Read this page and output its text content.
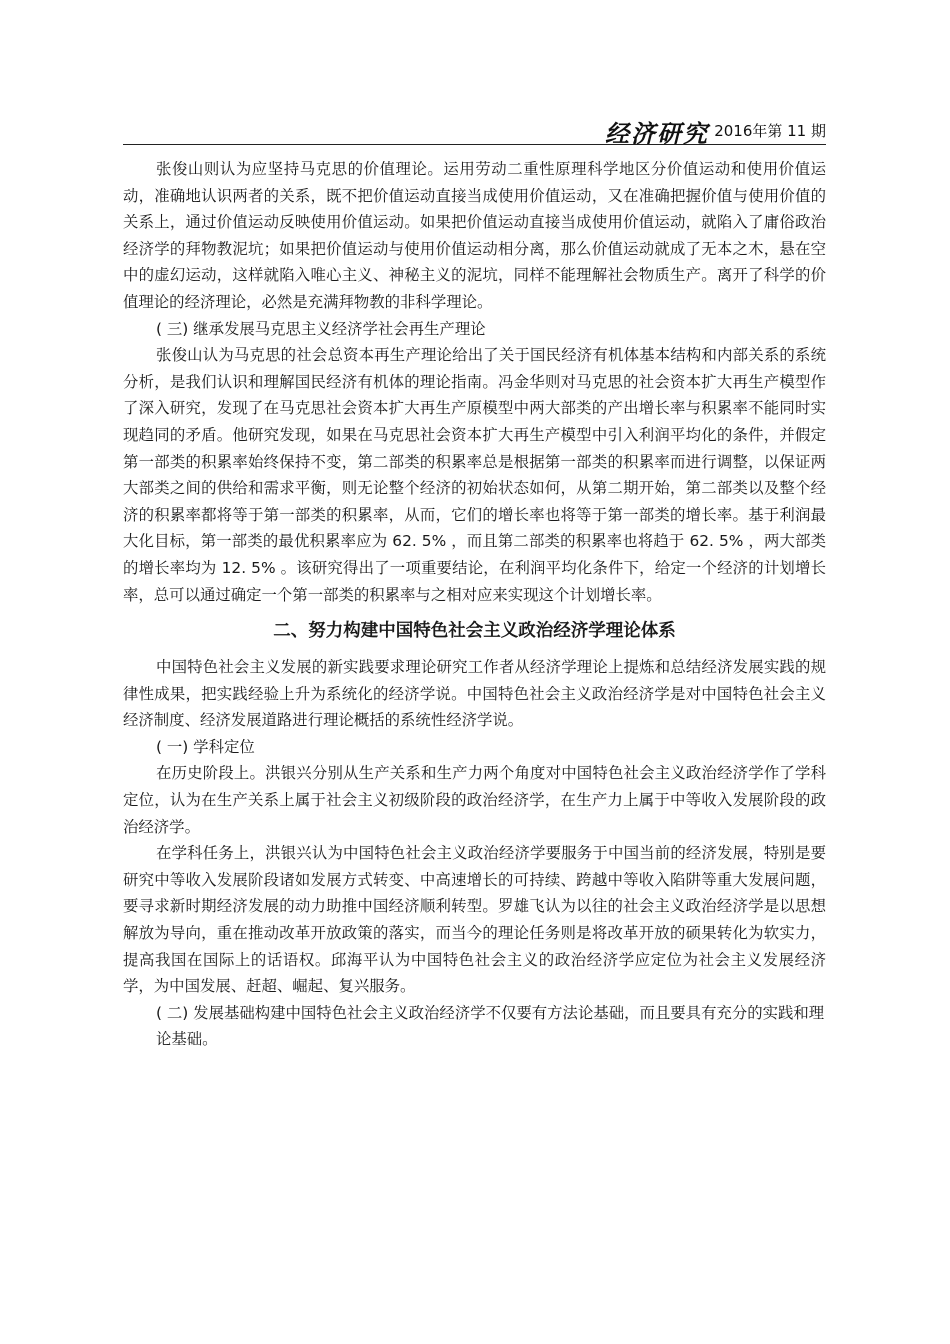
经济研究 2016年第 11 期

张俊山则认为应坚持马克思的价值理论。运用劳动二重性原理科学地区分价值运动和使用价值运动，准确地认识两者的关系，既不把价值运动直接当成使用价值运动，又在准确把握价值与使用价值的关系上，通过价值运动反映使用价值运动。如果把价值运动直接当成使用价值运动，就陷入了庸俗政治经济学的拜物教泥坑；如果把价值运动与使用价值运动相分离，那么价值运动就成了无本之木，悬在空中的虚幻运动，这样就陷入唯心主义、神秘主义的泥坑，同样不能理解社会物质生产。离开了科学的价值理论的经济理论，必然是充满拜物教的非科学理论。

( 三) 继承发展马克思主义经济学社会再生产理论

张俊山认为马克思的社会总资本再生产理论给出了关于国民经济有机体基本结构和内部关系的系统分析，是我们认识和理解国民经济有机体的理论指南。冯金华则对马克思的社会资本扩大再生产模型作了深入研究，发现了在马克思社会资本扩大再生产原模型中两大部类的产出增长率与积累率不能同时实现趋同的矛盾。他研究发现，如果在马克思社会资本扩大再生产模型中引入利润平均化的条件，并假定第一部类的积累率始终保持不变，第二部类的积累率总是根据第一部类的积累率而进行调整，以保证两大部类之间的供给和需求平衡，则无论整个经济的初始状态如何，从第二期开始，第二部类以及整个经济的积累率都将等于第一部类的积累率，从而，它们的增长率也将等于第一部类的增长率。基于利润最大化目标，第一部类的最优积累率应为 62. 5% ，而且第二部类的积累率也将趋于 62. 5% ，两大部类的增长率均为 12. 5% 。该研究得出了一项重要结论，在利润平均化条件下，给定一个经济的计划增长率，总可以通过确定一个第一部类的积累率与之相对应来实现这个计划增长率。

二、努力构建中国特色社会主义政治经济学理论体系

中国特色社会主义发展的新实践要求理论研究工作者从经济学理论上提炼和总结经济发展实践的规律性成果，把实践经验上升为系统化的经济学说。中国特色社会主义政治经济学是对中国特色社会主义经济制度、经济发展道路进行理论概括的系统性经济学说。

( 一) 学科定位

在历史阶段上。洪银兴分别从生产关系和生产力两个角度对中国特色社会主义政治经济学作了学科定位，认为在生产关系上属于社会主义初级阶段的政治经济学，在生产力上属于中等收入发展阶段的政治经济学。

在学科任务上，洪银兴认为中国特色社会主义政治经济学要服务于中国当前的经济发展，特别是要研究中等收入发展阶段诸如发展方式转变、中高速增长的可持续、跨越中等收入陷阱等重大发展问题，要寻求新时期经济发展的动力助推中国经济顺利转型。罗雄飞认为以往的社会主义政治经济学是以思想解放为导向，重在推动改革开放政策的落实，而当今的理论任务则是将改革开放的硕果转化为软实力，提高我国在国际上的话语权。邱海平认为中国特色社会主义的政治经济学应定位为社会主义发展经济学，为中国发展、赶超、崛起、复兴服务。

( 二) 发展基础构建中国特色社会主义政治经济学不仅要有方法论基础，而且要具有充分的实践和理论基础。
